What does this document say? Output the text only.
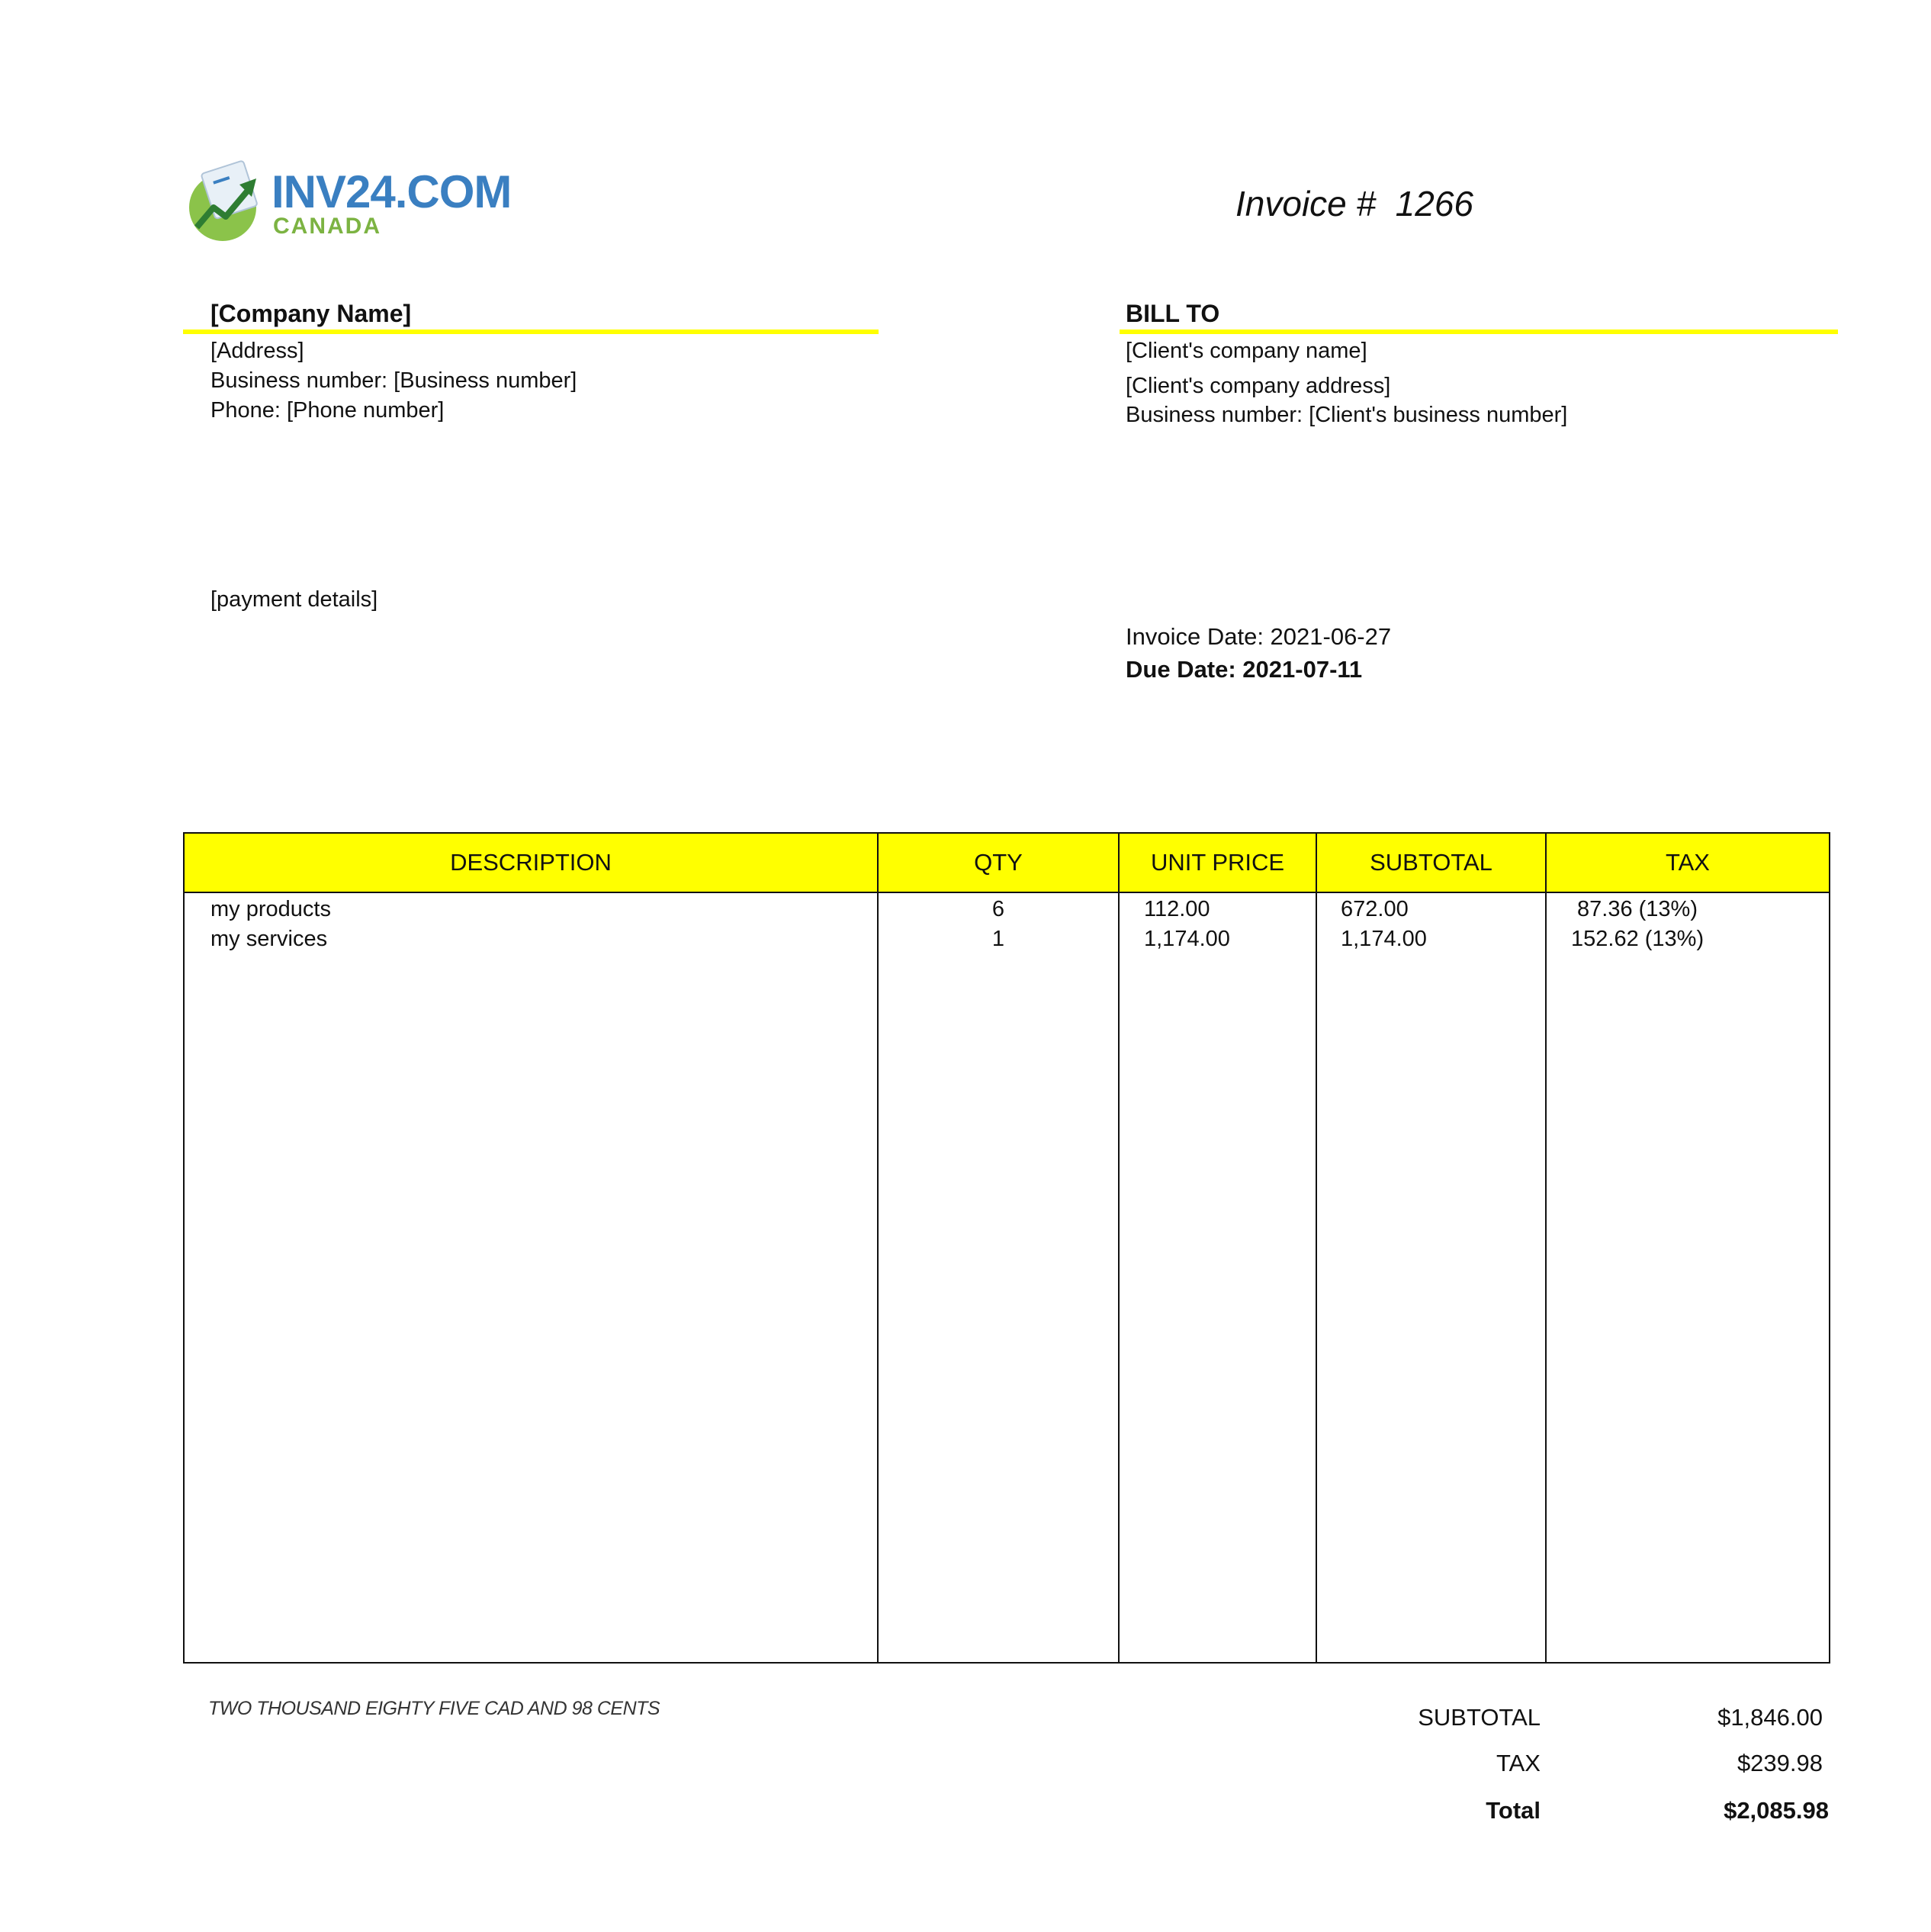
INV24.COM
CANADA
Invoice #  1266
[Company Name]
[Address]
Business number: [Business number]
Phone: [Phone number]
[payment details]
BILL TO
[Client's company name]
[Client's company address]
Business number: [Client's business number]
Invoice Date: 2021-06-27
Due Date: 2021-07-11
DESCRIPTION	QTY	UNIT PRICE	SUBTOTAL	TAX
my products	6	112.00	672.00	87.36 (13%)
my services	1	1,174.00	1,174.00	152.62 (13%)
TWO THOUSAND EIGHTY FIVE CAD AND 98 CENTS	SUBTOTAL	$1,846.00
TAX	$239.98
Total	$2,085.98
